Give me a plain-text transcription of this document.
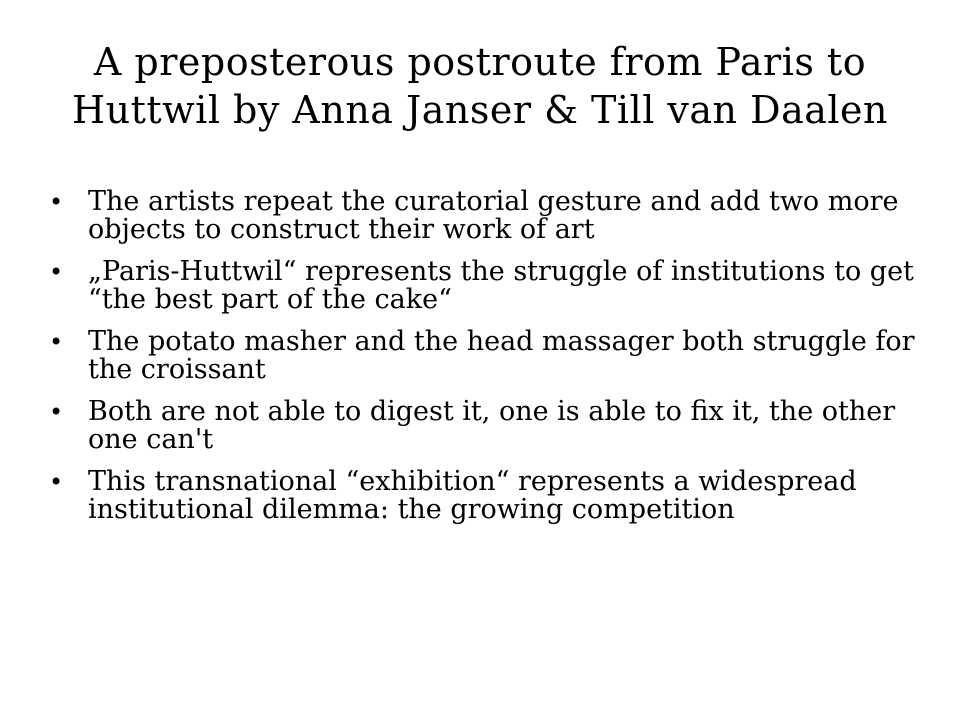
A preposterous postroute from Paris to Huttwil by Anna Janser & Till van Daalen
• The artists repeat the curatorial gesture and add two more objects to construct their work of art
• „Paris-Huttwil“ represents the struggle of institutions to get “the best part of the cake“
• The potato masher and the head massager both struggle for the croissant
• Both are not able to digest it, one is able to fix it, the other one can't
• This transnational “exhibition“ represents a widespread institutional dilemma: the growing competition
